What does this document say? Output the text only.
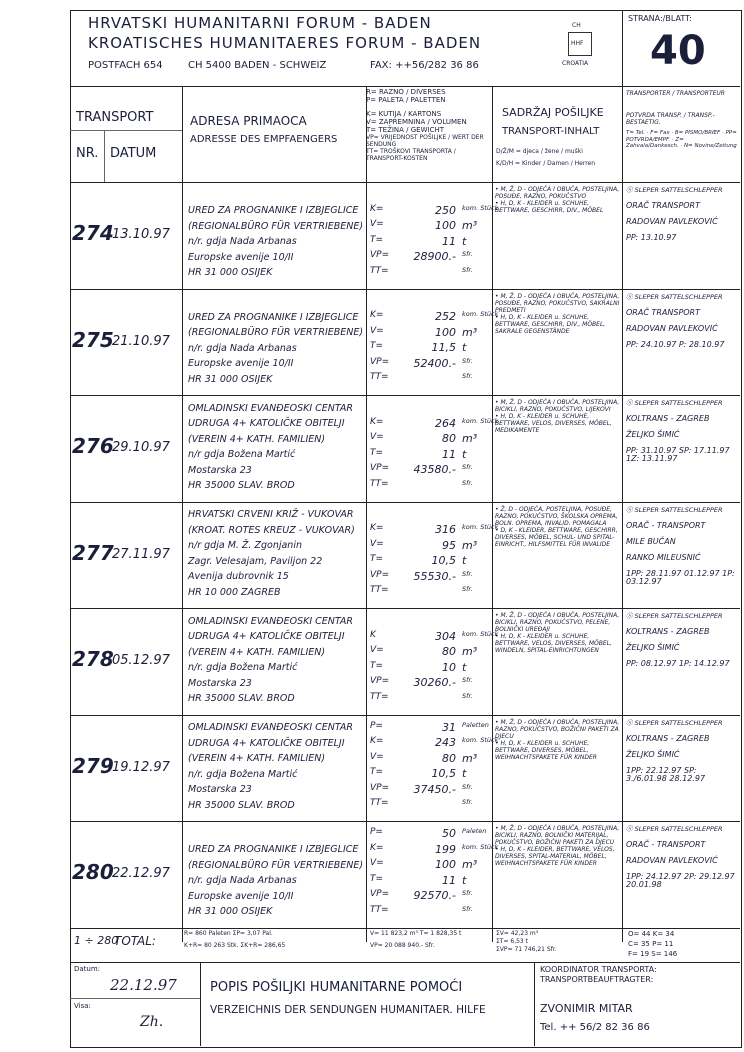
HRVATSKI HUMANITARNI FORUM - BADEN
KROATISCHES HUMANITAERES FORUM - BADEN
POSTFACH 654	CH 5400 BADEN - SCHWEIZ	FAX: ++56/282 36 86
CH
HHF
CROATIA
STRANA:/BLATT:
40
TRANSPORT
NR. DATUM
ADRESA PRIMAOCA
ADRESSE DES EMPFAENGERS
R= RAZNO / DIVERSES
P= PALETA / PALETTEN
K= KUTIJA / KARTONS
V= ZAPREMNINA / VOLUMEN
T= TEŽINA / GEWICHT
VP= VRIJEDNOST POŠILJKE / WERT DER SENDUNG
TT= TROŠKOVI TRANSPORTA / TRANSPORT-KOSTEN
SADRŽAJ POŠILJKE
TRANSPORT-INHALT
D/Ž/M = djeca / žene / muški
K/D/H = Kinder / Damen / Herren
TRANSPORTER / TRANSPORTEUR
POTVRDA TRANSP. / TRANSP.-BESTAETIG.
T= Tel. · F= Fax · B= PISMO/BRIEF · PP= POTVRDA/EMPF. · Z= Zahvala/Dankesch. · N= Novine/Zeitung
274
13.10.97
URED ZA PROGNANIKE I IZBJEGLICE
(REGIONALBÜRO FÜR VERTRIEBENE)
n/r. gdja Nada Arbanas
Europske avenije 10/II
HR 31 000 OSIJEK
K=	250 kom. Stück
V=	100 m³
T=	11 t
VP=	28900.- Sfr.
TT=	Sfr.
• M, Ž, D - ODJEĆA I OBUĆA, POSTELJINA, POSUĐE, RAZNO, POKUĆSTVO
• H, D, K - KLEIDER u. SCHUHE, BETTWARE, GESCHIRR, DIV., MÖBEL
Ⓢ SLEPER SATTELSCHLEPPER
ORAČ TRANSPORT
RADOVAN PAVLEKOVIĆ
PP: 13.10.97
275
21.10.97
URED ZA PROGNANIKE I IZBJEGLICE
(REGIONALBÜRO FÜR VERTRIEBENE)
n/r. gdja Nada Arbanas
Europske avenije 10/II
HR 31 000 OSIJEK
K=	252 kom. Stück
V=	100 m³
T=	11,5 t
VP=	52400.- Sfr.
TT=	Sfr.
• M, Ž, D - ODJEĆA I OBUĆA, POSTELJINA, POSUĐE, RAZNO, POKUĆSTVO, SAKRALNI PREDMETI
• H, D, K - KLEIDER u. SCHUHE, BETTWARE, GESCHIRR, DIV., MÖBEL, SAKRALE GEGENSTÄNDE
Ⓢ SLEPER SATTELSCHLEPPER
ORAČ TRANSPORT
RADOVAN PAVLEKOVIĆ
PP: 24.10.97 P: 28.10.97
276
29.10.97
OMLADINSKI EVANĐEOSKI CENTAR
UDRUGA 4+ KATOLIČKE OBITELJI
(VEREIN 4+ KATH. FAMILIEN)
n/r gdja Božena Martić
Mostarska 23
HR 35000 SLAV. BROD
K=	264 kom. Stück
V=	80 m³
T=	11 t
VP=	43580.- Sfr.
TT=	Sfr.
• M, Ž, D - ODJEĆA I OBUĆA, POSTELJINA, BICIKLI, RAZNO, POKUĆSTVO, LIJEKOVI
• H, D, K - KLEIDER u. SCHUHE, BETTWARE, VELOS, DIVERSES, MÖBEL, MEDIKAMENTE
Ⓢ SLEPER SATTELSCHLEPPER
KOLTRANS - ZAGREB
ŽELJKO ŠIMIĆ
PP: 31.10.97 SP: 17.11.97 1Z: 13.11.97
277
27.11.97
HRVATSKI CRVENI KRIŽ - VUKOVAR
(KROAT. ROTES KREUZ - VUKOVAR)
n/r gdja M. Ž. Zgonjanin
Zagr. Velesajam, Paviljon 22
Avenija dubrovnik 15
HR 10 000 ZAGREB
K=	316 kom. Stück
V=	95 m³
T=	10,5 t
VP=	55530.- Sfr.
TT=	Sfr.
• Ž, D - ODJEĆA, POSTELJINA, POSUĐE, RAZNO, POKUĆSTVO, ŠKOLSKA OPREMA, BOLN. OPREMA, INVALID. POMAGALA
• D, K - KLEIDER, BETTWARE, GESCHIRR, DIVERSES, MÖBEL, SCHUL- UND SPITAL-EINRICHT., HILFSMITTEL FÜR INVALIDE
Ⓢ SLEPER SATTELSCHLEPPER
ORAČ - TRANSPORT
MILE BUČAN
RANKO MILEUSNIĆ
1PP: 28.11.97 01.12.97 1P: 03.12.97
278
05.12.97
OMLADINSKI EVANĐEOSKI CENTAR
UDRUGA 4+ KATOLIČKE OBITELJI
(VEREIN 4+ KATH. FAMILIEN)
n/r. gdja Božena Martić
Mostarska 23
HR 35000 SLAV. BROD
K	304 kom. Stück
V=	80 m³
T=	10 t
VP=	30260.- Sfr.
TT=	Sfr.
• M, Ž, D - ODJEĆA I OBUĆA, POSTELJINA, BICIKLI, RAZNO, POKUĆSTVO, PELENE, BOLNIČKI UREĐAJI
• H, D, K - KLEIDER u. SCHUHE, BETTWARE, VELOS, DIVERSES, MÖBEL, WINDELN, SPITAL-EINRICHTUNGEN
Ⓢ SLEPER SATTELSCHLEPPER
KOLTRANS - ZAGREB
ŽELJKO ŠIMIĆ
PP: 08.12.97 1P: 14.12.97
279
19.12.97
OMLADINSKI EVANĐEOSKI CENTAR
UDRUGA 4+ KATOLIČKE OBITELJI
(VEREIN 4+ KATH. FAMILIEN)
n/r. gdja Božena Martić
Mostarska 23
HR 35000 SLAV. BROD
P=	31 Paletten
K=	243 kom. Stück
V=	80 m³
T=	10,5 t
VP=	37450.- Sfr.
TT=	Sfr.
• M, Ž, D - ODJEĆA I OBUĆA, POSTELJINA, RAZNO, POKUĆSTVO, BOŽIĆNI PAKETI ZA DJECU
• H, D, K - KLEIDER u. SCHUHE, BETTWARE, DIVERSES, MÖBEL, WEIHNACHTSPAKETE FÜR KINDER
Ⓢ SLEPER SATTELSCHLEPPER
KOLTRANS - ZAGREB
ŽELJKO ŠIMIĆ
1PP: 22.12.97 SP: 3./6.01.98 28.12.97
280
22.12.97
URED ZA PROGNANIKE I IZBJEGLICE
(REGIONALBÜRO FÜR VERTRIEBENE)
n/r. gdja Nada Arbanas
Europske avenije 10/II
HR 31 000 OSIJEK
P=	50 Paleten
K=	199 kom. Stück
V=	100 m³
T=	11 t
VP=	92570.- Sfr.
TT=	Sfr.
• M, Ž, D - ODJEĆA I OBUĆA, POSTELJINA, BICIKLI, RAZNO, BOLNIČKI MATERIJAL, POKUĆSTVO, BOŽIĆNI PAKETI ZA DJECU
• H, D, K - KLEIDER, BETTWARE, VELOS, DIVERSES, SPITAL-MATERIAL, MÖBEL, WEIHNACHTSPAKETE FÜR KINDER
Ⓢ SLEPER SATTELSCHLEPPER
ORAČ - TRANSPORT
RADOVAN PAVLEKOVIĆ
1PP: 24.12.97 2P: 29.12.97 20.01.98
1 ÷ 280
TOTAL:
R= 860 Paleten ΣP= 3,07 Pal.
K+R= 80 263 Stk. ΣK+R= 286,65
V= 11 823,2 m³ T= 1 828,35 t
VP= 20 088 940.- Sfr.
ΣV= 42,23 m³
ΣT= 6,53 t
ΣVP= 71 746,21 Sfr.
O= 44 K= 34
C= 35 P= 11
F= 19 S= 146
Datum:
22.12.97
Visa:
Zh.
POPIS POŠILJKI HUMANITARNE POMOĆI
VERZEICHNIS DER SENDUNGEN HUMANITAER. HILFE
KOORDINATOR TRANSPORTA:
TRANSPORTBEAUFTRAGTER:
ZVONIMIR MITAR
Tel. ++ 56/2 82 36 86
